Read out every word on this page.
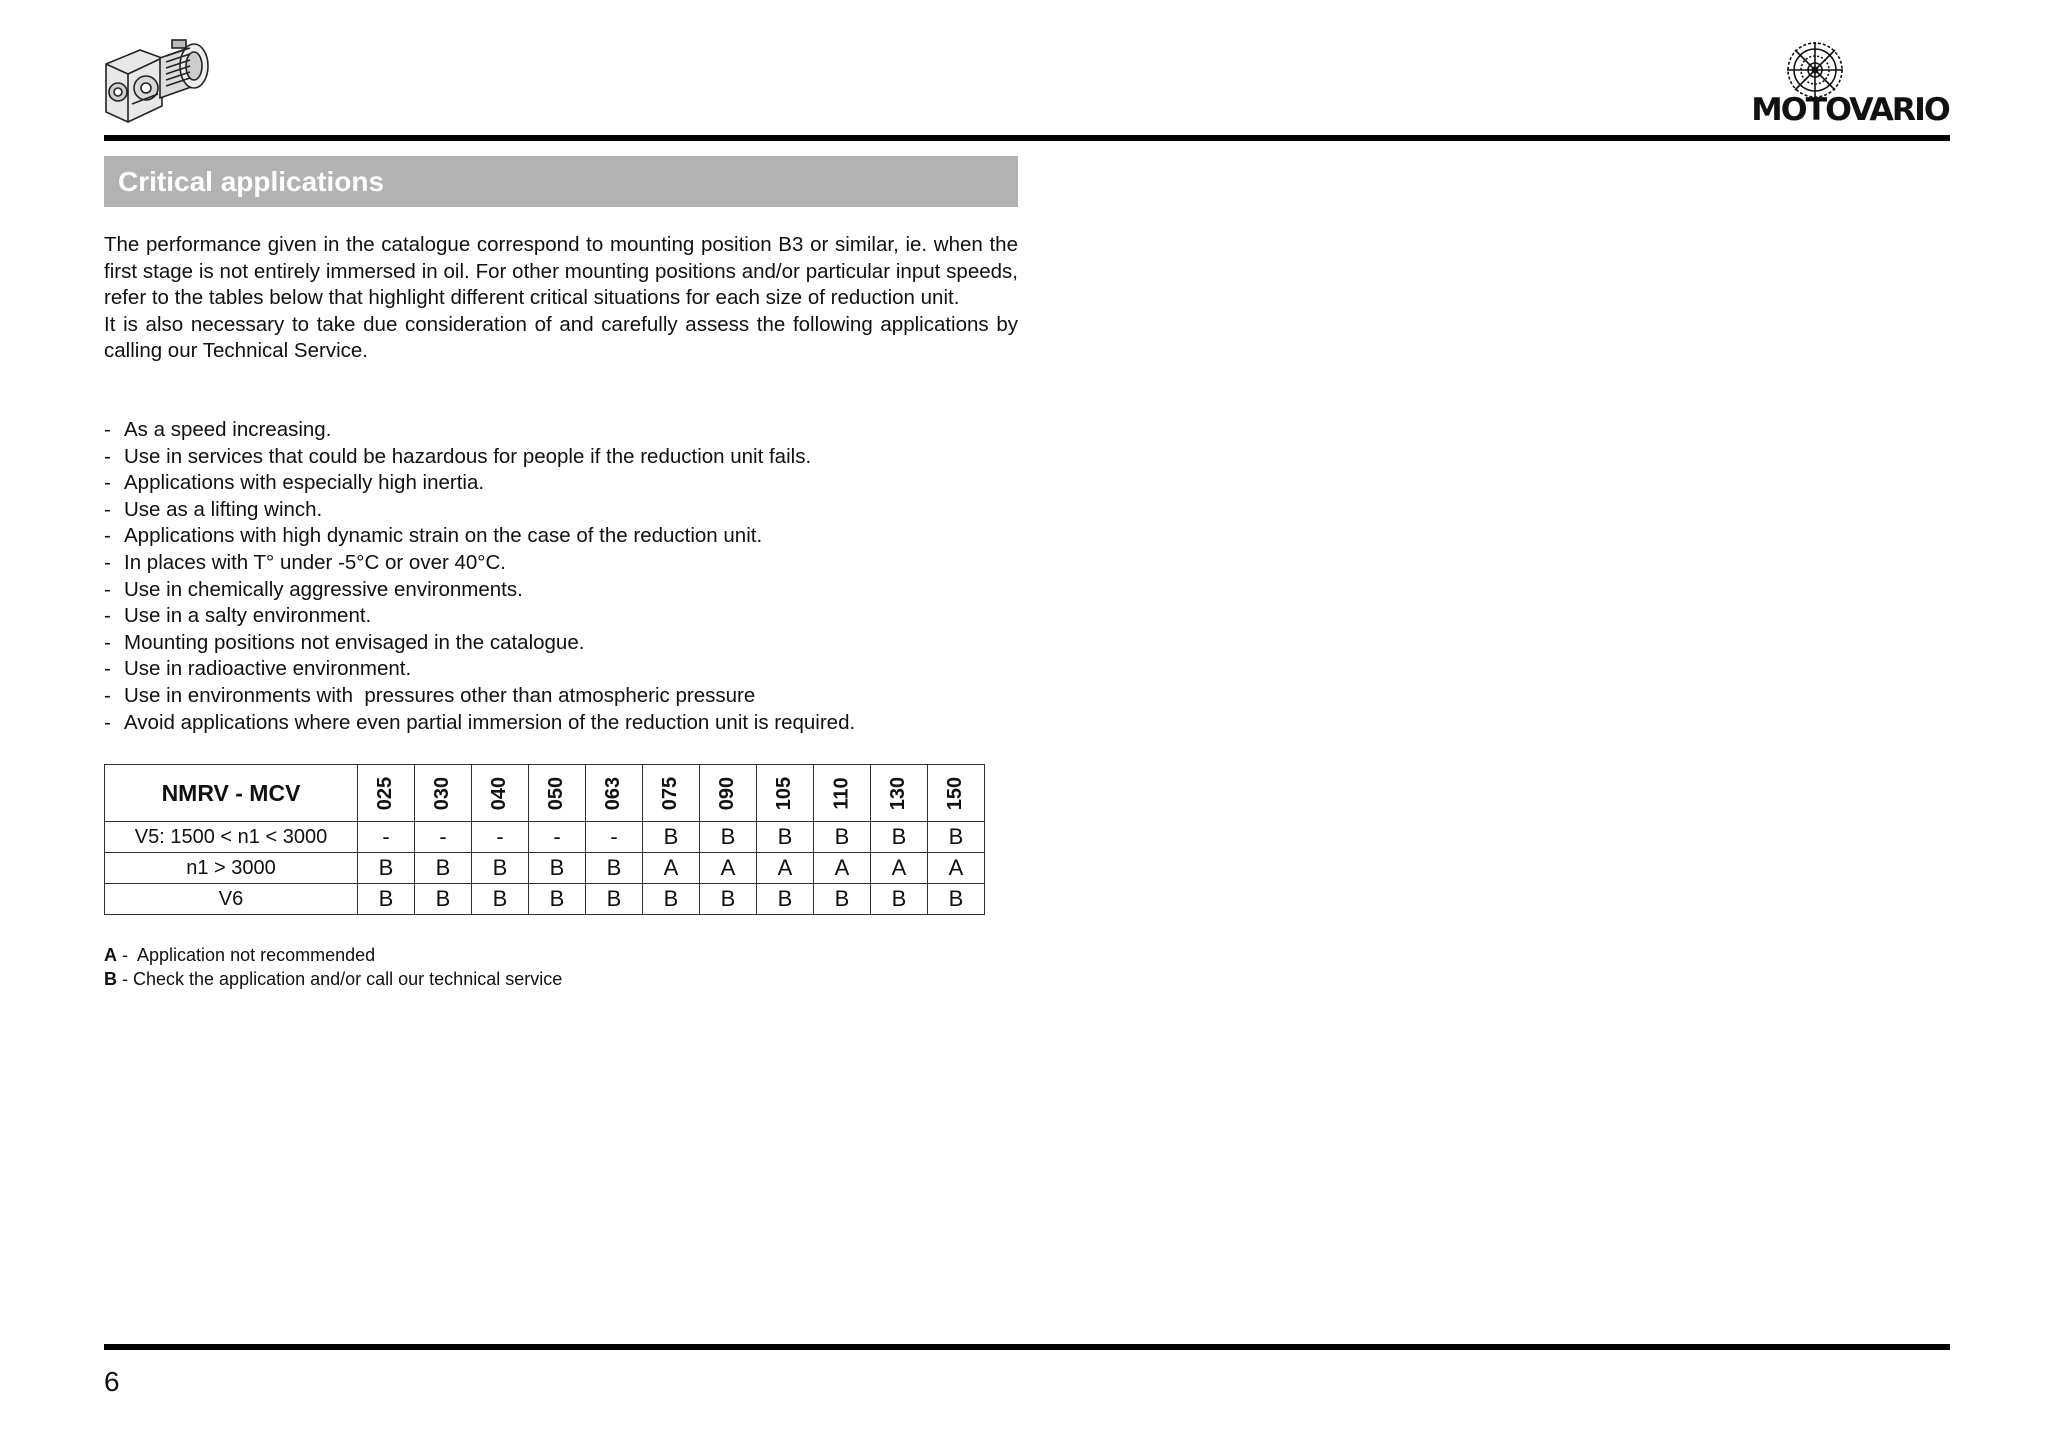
MOTOVARIO
Critical applications

The performance given in the catalogue correspond to mounting position B3 or similar, ie. when the first stage is not entirely immersed in oil. For other mounting positions and/or particular input speeds, refer to the tables below that highlight different critical situations for each size of reduction unit.

It is also necessary to take due consideration of and carefully assess the following applications by calling our Technical Service.

- As a speed increasing.
- Use in services that could be hazardous for people if the reduction unit fails.
- Applications with especially high inertia.
- Use as a lifting winch.
- Applications with high dynamic strain on the case of the reduction unit.
- In places with T° under -5°C or over 40°C.
- Use in chemically aggressive environments.
- Use in a salty environment.
- Mounting positions not envisaged in the catalogue.
- Use in radioactive environment.
- Use in environments with  pressures other than atmospheric pressure
- Avoid applications where even partial immersion of the reduction unit is required.
NMRV - MCV	025	030	040	050	063	075	090	105	110	130	150
V5: 1500 < n1 < 3000	-	-	-	-	-	B	B	B	B	B	B
n1 > 3000	B	B	B	B	B	A	A	A	A	A	A
V6	B	B	B	B	B	B	B	B	B	B	B
A -  Application not recommended
B - Check the application and/or call our technical service
6
